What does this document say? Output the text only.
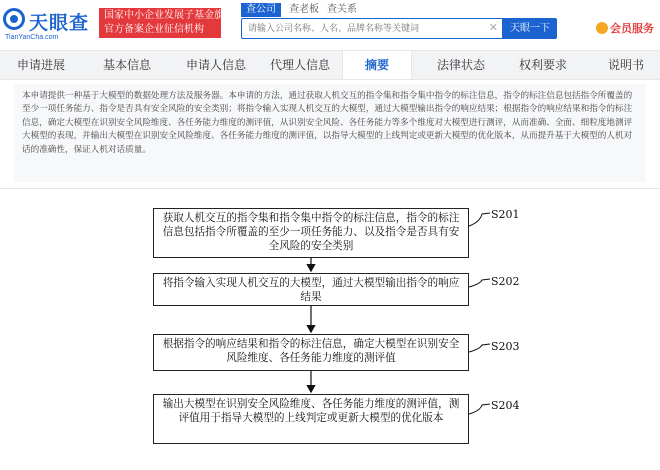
天眼查
TianYanCha.com
国家中小企业发展子基金旗下
官方备案企业征信机构
查公司	查老板 查关系
请输入公司名称、人名、品牌名称等关键词
✕	天眼一下	会员服务
申请进展	基本信息	申请人信息	代理人信息	摘要	法律状态	权利要求	说明书
本申请提供一种基于大模型的数据处理方法及服务器。本申请的方法，通过获取人机交互的指令集和指令集中指令的标注信息，指令的标注信息包括指令所覆盖的至少一项任务能力、指令是否具有安全风险的安全类别；将指令输入实现人机交互的大模型，通过大模型输出指令的响应结果；根据指令的响应结果和指令的标注信息，确定大模型在识别安全风险维度、各任务能力维度的测评值，从识别安全风险、各任务能力等多个维度对大模型进行测评，从而准确、全面、细粒度地测评大模型的表现，并输出大模型在识别安全风险维度、各任务能力维度的测评值，以指导大模型的上线判定或更新大模型的优化版本，从而提升基于大模型的人机对话的准确性，保证人机对话质量。
获取人机交互的指令集和指令集中指令的标注信息，指令的标注信息包括指令所覆盖的至少一项任务能力、以及指令是否具有安全风险的安全类别
S201
将指令输入实现人机交互的大模型，通过大模型输出指令的响应结果
S202
根据指令的响应结果和指令的标注信息，确定大模型在识别安全风险维度、各任务能力维度的测评值
S203
输出大模型在识别安全风险维度、各任务能力维度的测评值，测评值用于指导大模型的上线判定或更新大模型的优化版本
S204
